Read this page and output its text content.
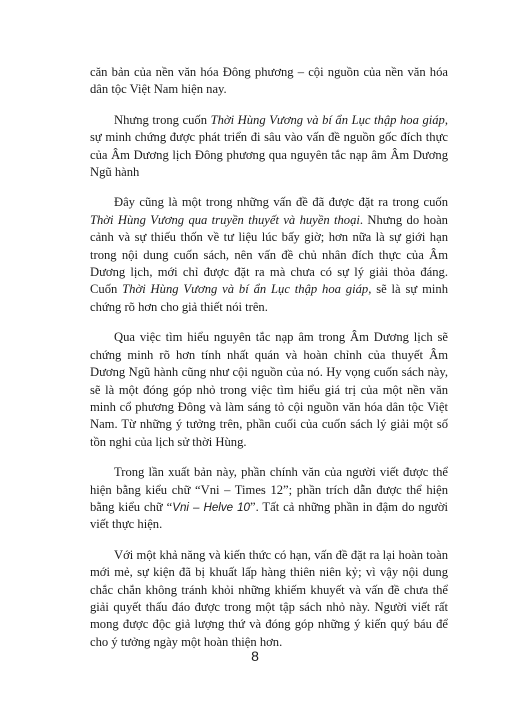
căn bản của nền văn hóa Đông phương – cội nguồn của nền văn hóa dân tộc Việt Nam hiện nay.

Nhưng trong cuốn Thời Hùng Vương và bí ẩn Lục thập hoa giáp, sự minh chứng được phát triển đi sâu vào vấn đề nguồn gốc đích thực của Âm Dương lịch Đông phương qua nguyên tắc nạp âm Âm Dương Ngũ hành

Đây cũng là một trong những vấn đề đã được đặt ra trong cuốn Thời Hùng Vương qua truyền thuyết và huyền thoại. Nhưng do hoàn cảnh và sự thiếu thốn về tư liệu lúc bấy giờ; hơn nữa là sự giới hạn trong nội dung cuốn sách, nên vấn đề chủ nhân đích thực của Âm Dương lịch, mới chỉ được đặt ra mà chưa có sự lý giải thỏa đáng. Cuốn Thời Hùng Vương và bí ẩn Lục thập hoa giáp, sẽ là sự minh chứng rõ hơn cho giả thiết nói trên.

Qua việc tìm hiểu nguyên tắc nạp âm trong Âm Dương lịch sẽ chứng minh rõ hơn tính nhất quán và hoàn chỉnh của thuyết Âm Dương Ngũ hành cũng như cội nguồn của nó. Hy vọng cuốn sách này, sẽ là một đóng góp nhỏ trong việc tìm hiểu giá trị của một nền văn minh cổ phương Đông và làm sáng tỏ cội nguồn văn hóa dân tộc Việt Nam. Từ những ý tưởng trên, phần cuối của cuốn sách lý giải một số tồn nghi của lịch sử thời Hùng.

Trong lần xuất bản này, phần chính văn của người viết được thể hiện bằng kiểu chữ “Vni – Times 12”; phần trích dẫn được thể hiện bằng kiểu chữ “Vni – Helve 10”. Tất cả những phần in đậm do người viết thực hiện.

Với một khả năng và kiến thức có hạn, vấn đề đặt ra lại hoàn toàn mới mẻ, sự kiện đã bị khuất lấp hàng thiên niên kỷ; vì vậy nội dung chắc chắn không tránh khỏi những khiếm khuyết và vấn đề chưa thể giải quyết thấu đáo được trong một tập sách nhỏ này. Người viết rất mong được độc giả lượng thứ và đóng góp những ý kiến quý báu để cho ý tưởng ngày một hoàn thiện hơn.

8
